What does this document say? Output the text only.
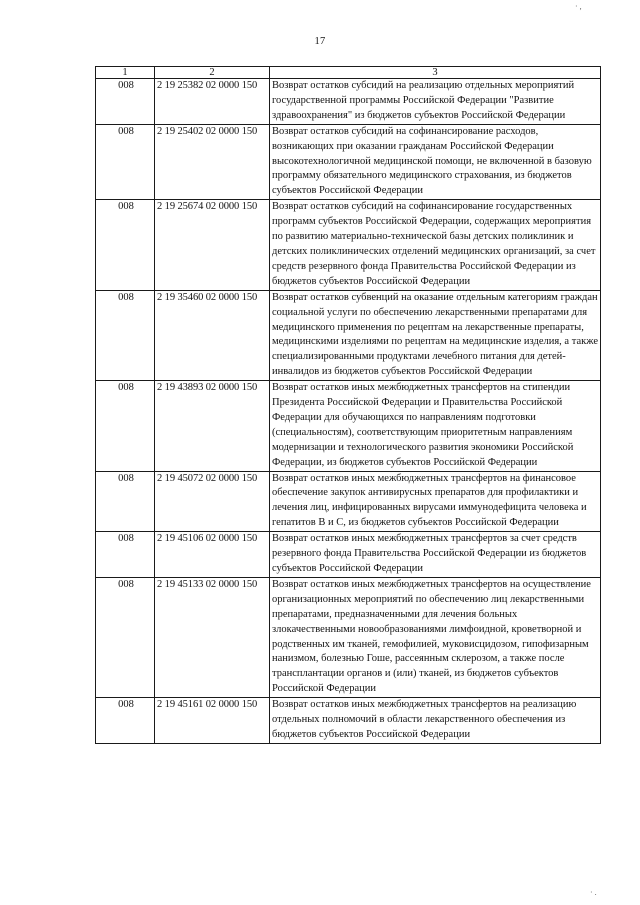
17
1	2	3
008	2 19 25382 02 0000 150	Возврат остатков субсидий на реализацию отдельных мероприятий государственной программы Российской Федерации "Развитие здравоохранения" из бюджетов субъектов Российской Федерации
008	2 19 25402 02 0000 150	Возврат остатков субсидий на софинансирование расходов, возникающих при оказании гражданам Российской Федерации высокотехнологичной медицинской помощи, не включенной в базовую программу обязательного медицинского страхования, из бюджетов субъектов Российской Федерации
008	2 19 25674 02 0000 150	Возврат остатков субсидий на софинансирование государственных программ субъектов Российской Федерации, содержащих мероприятия по развитию материально-технической базы детских поликлиник и детских поликлинических отделений медицинских организаций, за счет средств резервного фонда Правительства Российской Федерации из бюджетов субъектов Российской Федерации
008	2 19 35460 02 0000 150	Возврат остатков субвенций на оказание отдельным категориям граждан социальной услуги по обеспечению лекарственными препаратами для медицинского применения по рецептам на лекарственные препараты, медицинскими изделиями по рецептам на медицинские изделия, а также специализированными продуктами лечебного питания для детей-инвалидов из бюджетов субъектов Российской Федерации
008	2 19 43893 02 0000 150	Возврат остатков иных межбюджетных трансфертов на стипендии Президента Российской Федерации и Правительства Российской Федерации для обучающихся по направлениям подготовки (специальностям), соответствующим приоритетным направлениям модернизации и технологического развития экономики Российской Федерации, из бюджетов субъектов Российской Федерации
008	2 19 45072 02 0000 150	Возврат остатков иных межбюджетных трансфертов на финансовое обеспечение закупок антивирусных препаратов для профилактики и лечения лиц, инфицированных вирусами иммунодефицита человека и гепатитов В и С, из бюджетов субъектов Российской Федерации
008	2 19 45106 02 0000 150	Возврат остатков иных межбюджетных трансфертов за счет средств резервного фонда Правительства Российской Федерации из бюджетов субъектов Российской Федерации
008	2 19 45133 02 0000 150	Возврат остатков иных межбюджетных трансфертов на осуществление организационных мероприятий по обеспечению лиц лекарственными препаратами, предназначенными для лечения больных злокачественными новообразованиями лимфоидной, кроветворной и родственных им тканей, гемофилией, муковисцидозом, гипофизарным нанизмом, болезнью Гоше, рассеянным склерозом, а также после трансплантации органов и (или) тканей, из бюджетов субъектов Российской Федерации
008	2 19 45161 02 0000 150	Возврат остатков иных межбюджетных трансфертов на реализацию отдельных полномочий в области лекарственного обеспечения из бюджетов субъектов Российской Федерации
· ,
· .
